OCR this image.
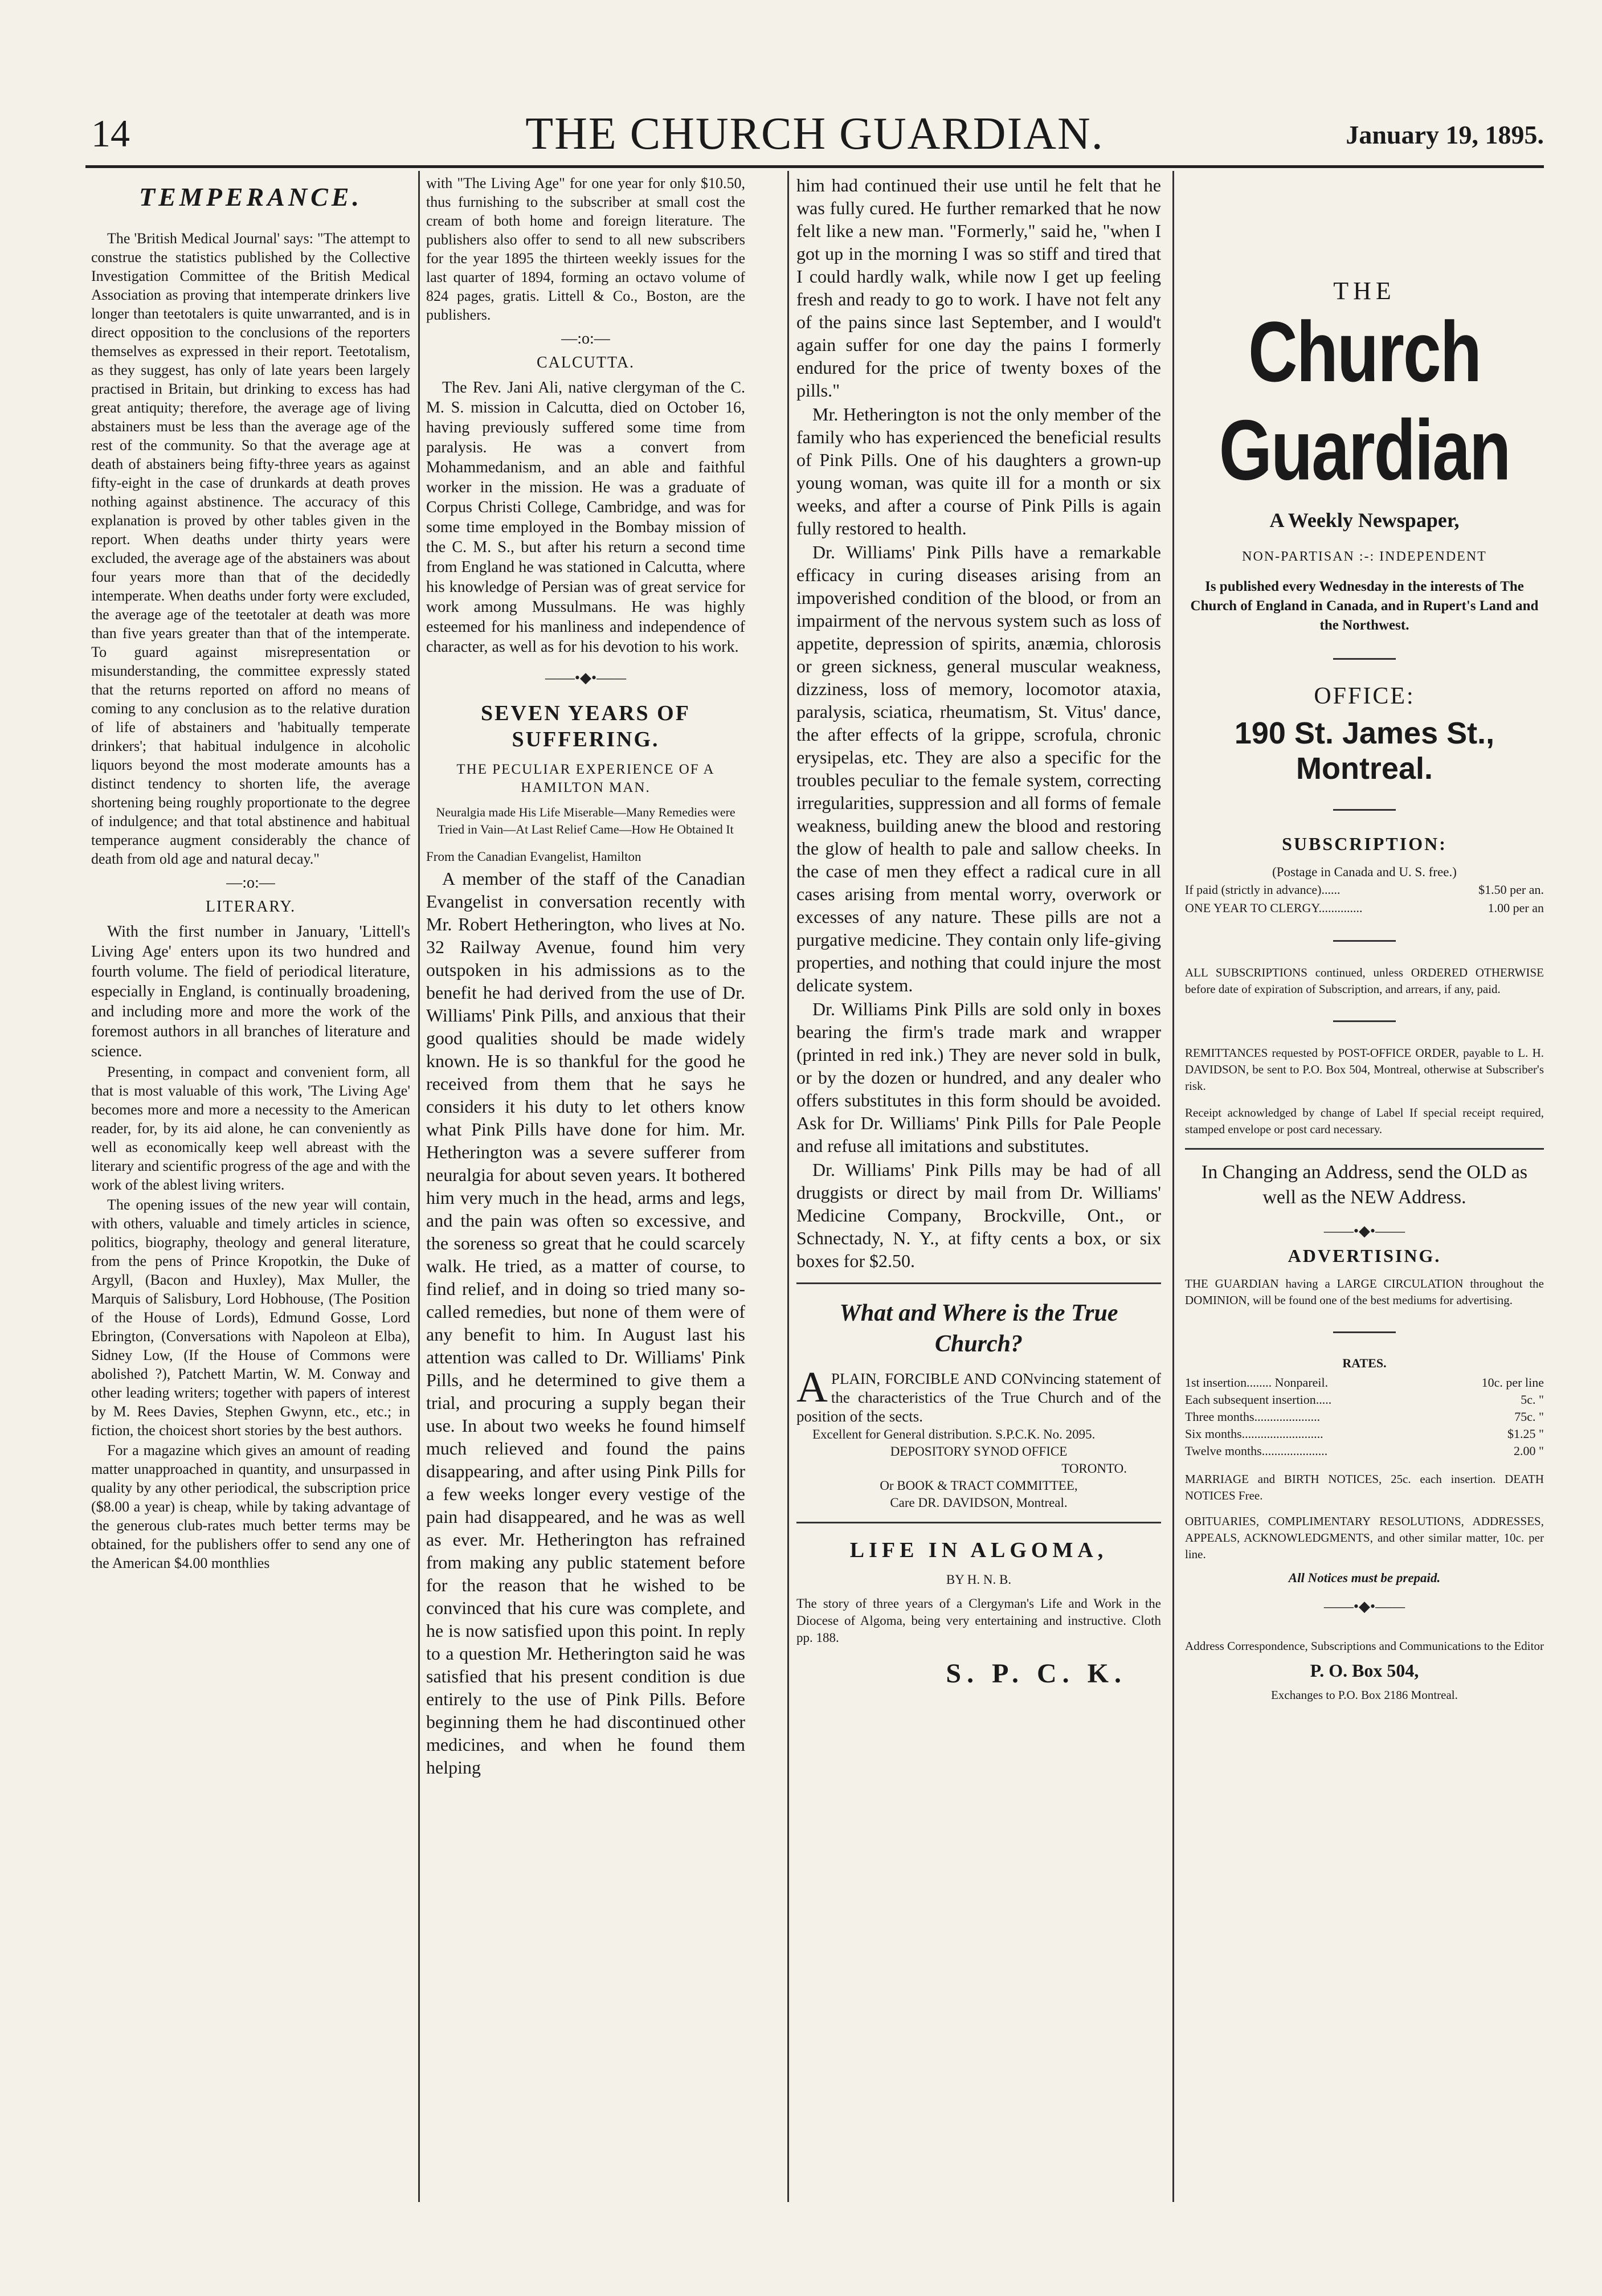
14	THE CHURCH GUARDIAN.	January 19, 1895.
TEMPERANCE.

The 'British Medical Journal' says: "The attempt to construe the statistics published by the Collective Investigation Committee of the British Medical Association as proving that intemperate drinkers live longer than teetotalers is quite unwarranted, and is in direct opposition to the conclusions of the reporters themselves as expressed in their report. Teetotalism, as they suggest, has only of late years been largely practised in Britain, but drinking to excess has had great antiquity; therefore, the average age of living abstainers must be less than the average age of the rest of the community. So that the average age at death of abstainers being fifty-three years as against fifty-eight in the case of drunkards at death proves nothing against abstinence. The accuracy of this explanation is proved by other tables given in the report. When deaths under thirty years were excluded, the average age of the abstainers was about four years more than that of the decidedly intemperate. When deaths under forty were excluded, the average age of the teetotaler at death was more than five years greater than that of the intemperate. To guard against misrepresentation or misunderstanding, the committee expressly stated that the returns reported on afford no means of coming to any conclusion as to the relative duration of life of abstainers and 'habitually temperate drinkers'; that habitual indulgence in alcoholic liquors beyond the most moderate amounts has a distinct tendency to shorten life, the average shortening being roughly proportionate to the degree of indulgence; and that total abstinence and habitual temperance augment considerably the chance of death from old age and natural decay."

—:o:—
LITERARY.

With the first number in January, 'Littell's Living Age' enters upon its two hundred and fourth volume. The field of periodical literature, especially in England, is continually broadening, and including more and more the work of the foremost authors in all branches of literature and science.

Presenting, in compact and convenient form, all that is most valuable of this work, 'The Living Age' becomes more and more a necessity to the American reader, for, by its aid alone, he can conveniently as well as economically keep well abreast with the literary and scientific progress of the age and with the work of the ablest living writers.

The opening issues of the new year will contain, with others, valuable and timely articles in science, politics, biography, theology and general literature, from the pens of Prince Kropotkin, the Duke of Argyll, (Bacon and Huxley), Max Muller, the Marquis of Salisbury, Lord Hobhouse, (The Position of the House of Lords), Edmund Gosse, Lord Ebrington, (Conversations with Napoleon at Elba), Sidney Low, (If the House of Commons were abolished ?), Patchett Martin, W. M. Conway and other leading writers; together with papers of interest by M. Rees Davies, Stephen Gwynn, etc., etc.; in fiction, the choicest short stories by the best authors.

For a magazine which gives an amount of reading matter unapproached in quantity, and unsurpassed in quality by any other periodical, the subscription price ($8.00 a year) is cheap, while by taking advantage of the generous club-rates much better terms may be obtained, for the publishers offer to send any one of the American $4.00 monthlies

with "The Living Age" for one year for only $10.50, thus furnishing to the subscriber at small cost the cream of both home and foreign literature. The publishers also offer to send to all new subscribers for the year 1895 the thirteen weekly issues for the last quarter of 1894, forming an octavo volume of 824 pages, gratis. Littell & Co., Boston, are the publishers.

—:o:—
CALCUTTA.

The Rev. Jani Ali, native clergyman of the C. M. S. mission in Calcutta, died on October 16, having previously suffered some time from paralysis. He was a convert from Mohammedanism, and an able and faithful worker in the mission. He was a graduate of Corpus Christi College, Cambridge, and was for some time employed in the Bombay mission of the C. M. S., but after his return a second time from England he was stationed in Calcutta, where his knowledge of Persian was of great service for work among Mussulmans. He was highly esteemed for his manliness and independence of character, as well as for his devotion to his work.

——•◆•——
SEVEN YEARS OF SUFFERING.
THE PECULIAR EXPERIENCE OF A HAMILTON MAN.
Neuralgia made His Life Miserable—Many Remedies were Tried in Vain—At Last Relief Came—How He Obtained It

From the Canadian Evangelist, Hamilton

A member of the staff of the Canadian Evangelist in conversation recently with Mr. Robert Hetherington, who lives at No. 32 Railway Avenue, found him very outspoken in his admissions as to the benefit he had derived from the use of Dr. Williams' Pink Pills, and anxious that their good qualities should be made widely known. He is so thankful for the good he received from them that he says he considers it his duty to let others know what Pink Pills have done for him. Mr. Hetherington was a severe sufferer from neuralgia for about seven years. It bothered him very much in the head, arms and legs, and the pain was often so excessive, and the soreness so great that he could scarcely walk. He tried, as a matter of course, to find relief, and in doing so tried many so-called remedies, but none of them were of any benefit to him. In August last his attention was called to Dr. Williams' Pink Pills, and he determined to give them a trial, and procuring a supply began their use. In about two weeks he found himself much relieved and found the pains disappearing, and after using Pink Pills for a few weeks longer every vestige of the pain had disappeared, and he was as well as ever. Mr. Hetherington has refrained from making any public statement before for the reason that he wished to be convinced that his cure was complete, and he is now satisfied upon this point. In reply to a question Mr. Hetherington said he was satisfied that his present condition is due entirely to the use of Pink Pills. Before beginning them he had discontinued other medicines, and when he found them helping

him had continued their use until he felt that he was fully cured. He further remarked that he now felt like a new man. "Formerly," said he, "when I got up in the morning I was so stiff and tired that I could hardly walk, while now I get up feeling fresh and ready to go to work. I have not felt any of the pains since last September, and I would't again suffer for one day the pains I formerly endured for the price of twenty boxes of the pills."

Mr. Hetherington is not the only member of the family who has experienced the beneficial results of Pink Pills. One of his daughters a grown-up young woman, was quite ill for a month or six weeks, and after a course of Pink Pills is again fully restored to health.

Dr. Williams' Pink Pills have a remarkable efficacy in curing diseases arising from an impoverished condition of the blood, or from an impairment of the nervous system such as loss of appetite, depression of spirits, anæmia, chlorosis or green sickness, general muscular weakness, dizziness, loss of memory, locomotor ataxia, paralysis, sciatica, rheumatism, St. Vitus' dance, the after effects of la grippe, scrofula, chronic erysipelas, etc. They are also a specific for the troubles peculiar to the female system, correcting irregularities, suppression and all forms of female weakness, building anew the blood and restoring the glow of health to pale and sallow cheeks. In the case of men they effect a radical cure in all cases arising from mental worry, overwork or excesses of any nature. These pills are not a purgative medicine. They contain only life-giving properties, and nothing that could injure the most delicate system.

Dr. Williams Pink Pills are sold only in boxes bearing the firm's trade mark and wrapper (printed in red ink.) They are never sold in bulk, or by the dozen or hundred, and any dealer who offers substitutes in this form should be avoided. Ask for Dr. Williams' Pink Pills for Pale People and refuse all imitations and substitutes.

Dr. Williams' Pink Pills may be had of all druggists or direct by mail from Dr. Williams' Medicine Company, Brockville, Ont., or Schnectady, N. Y., at fifty cents a box, or six boxes for $2.50.

What and Where is the True Church?
APLAIN, FORCIBLE AND CONvincing statement of the characteristics of the True Church and of the position of the sects.
Excellent for General distribution. S.P.C.K. No. 2095.
DEPOSITORY SYNOD OFFICE
TORONTO.
Or BOOK & TRACT COMMITTEE,
Care DR. DAVIDSON, Montreal.
LIFE IN ALGOMA,
BY H. N. B.
The story of three years of a Clergyman's Life and Work in the Diocese of Algoma, being very entertaining and instructive. Cloth pp. 188.
S. P. C. K.
THE
Church Guardian
A Weekly Newspaper,
NON-PARTISAN :-: INDEPENDENT
Is published every Wednesday in the interests of The Church of England in Canada, and in Rupert's Land and the Northwest.
OFFICE:
190 St. James St., Montreal.
SUBSCRIPTION:
(Postage in Canada and U. S. free.)
If paid (strictly in advance)......	$1.50 per an.
ONE YEAR TO CLERGY..............	1.00 per an
ALL SUBSCRIPTIONS continued, unless ORDERED OTHERWISE before date of expiration of Subscription, and arrears, if any, paid.
REMITTANCES requested by POST-OFFICE ORDER, payable to L. H. DAVIDSON, be sent to P.O. Box 504, Montreal, otherwise at Subscriber's risk.
Receipt acknowledged by change of Label If special receipt required, stamped envelope or post card necessary.
In Changing an Address, send the OLD as well as the NEW Address.
——•◆•——
ADVERTISING.
THE GUARDIAN having a LARGE CIRCULATION throughout the DOMINION, will be found one of the best mediums for advertising.
RATES.
1st insertion........ Nonpareil.	10c. per line
Each subsequent insertion.....	5c. "
Three months.....................	75c. "
Six months..........................	$1.25 "
Twelve months.....................	2.00 "
MARRIAGE and BIRTH NOTICES, 25c. each insertion. DEATH NOTICES Free.
OBITUARIES, COMPLIMENTARY RESOLUTIONS, ADDRESSES, APPEALS, ACKNOWLEDGMENTS, and other similar matter, 10c. per line.
All Notices must be prepaid.
——•◆•——
Address Correspondence, Subscriptions and Communications to the Editor
P. O. Box 504,
Exchanges to P.O. Box 2186 Montreal.
